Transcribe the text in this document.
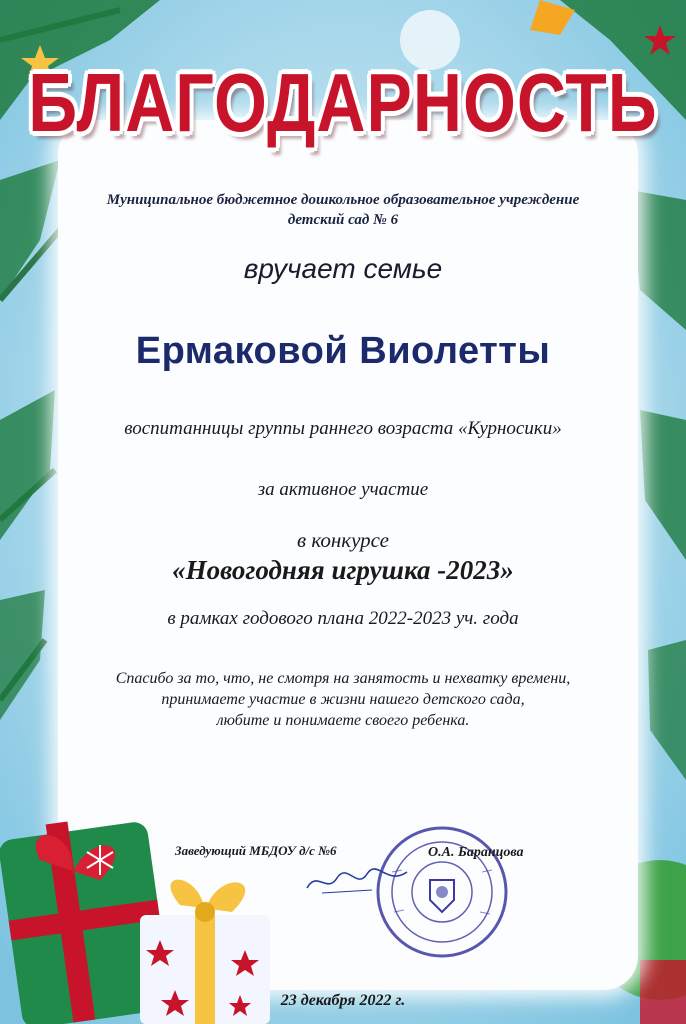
БЛАГОДАРНОСТЬ
Муниципальное бюджетное дошкольное образовательное учреждение
детский сад № 6
вручает семье
Ермаковой Виолетты
воспитанницы группы раннего возраста «Курносики»
за активное участие
в конкурсе
«Новогодняя игрушка -2023»
в рамках годового плана 2022-2023 уч. года
Спасибо за то, что, не смотря на занятость и нехватку времени,
принимаете участие в жизни нашего детского сада,
любите и понимаете своего ребенка.
Заведующий МБДОУ д/с №6	О.А. Баранцова
23 декабря 2022 г.
